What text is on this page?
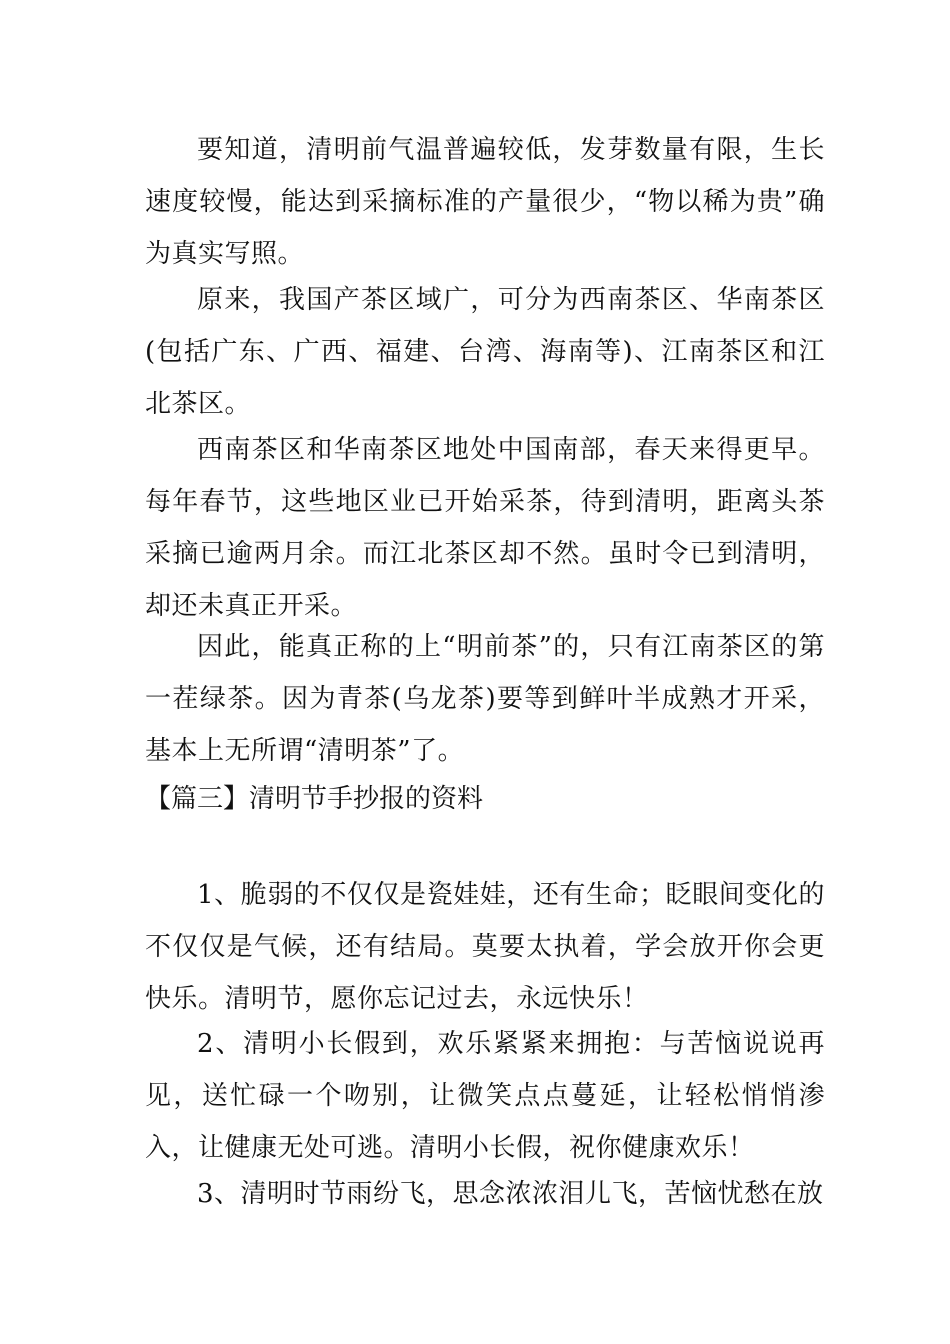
要知道，清明前气温普遍较低，发芽数量有限，生长速度较慢，能达到采摘标准的产量很少，“物以稀为贵”确为真实写照。

原来，我国产茶区域广，可分为西南茶区、华南茶区(包括广东、广西、福建、台湾、海南等)、江南茶区和江北茶区。

西南茶区和华南茶区地处中国南部，春天来得更早。每年春节，这些地区业已开始采茶，待到清明，距离头茶采摘已逾两月余。而江北茶区却不然。虽时令已到清明，却还未真正开采。

因此，能真正称的上“明前茶”的，只有江南茶区的第一茬绿茶。因为青茶(乌龙茶)要等到鲜叶半成熟才开采，基本上无所谓“清明茶”了。

【篇三】清明节手抄报的资料

1、脆弱的不仅仅是瓷娃娃，还有生命；眨眼间变化的不仅仅是气候，还有结局。莫要太执着，学会放开你会更快乐。清明节，愿你忘记过去，永远快乐！

2、清明小长假到，欢乐紧紧来拥抱：与苦恼说说再见，送忙碌一个吻别，让微笑点点蔓延，让轻松悄悄渗入，让健康无处可逃。清明小长假，祝你健康欢乐！

3、清明时节雨纷飞，思念浓浓泪儿飞，苦恼忧愁在放
